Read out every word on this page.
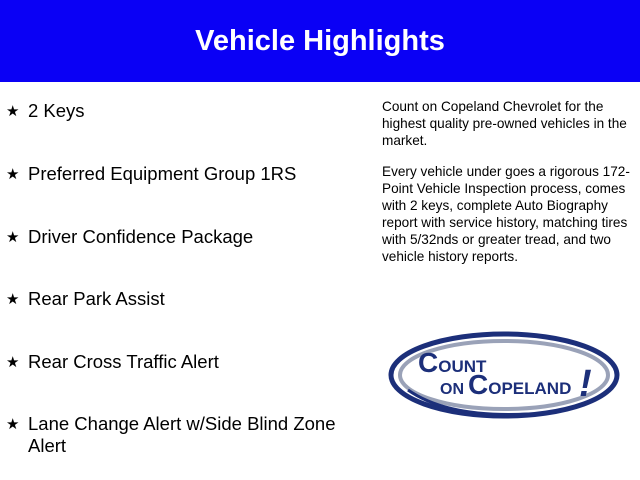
Vehicle Highlights
★ 2 Keys
★ Preferred Equipment Group 1RS
★ Driver Confidence Package
★ Rear Park Assist
★ Rear Cross Traffic Alert
★ Lane Change Alert w/Side Blind Zone Alert

Count on Copeland Chevrolet for the highest quality pre-owned vehicles in the market.

Every vehicle under goes a rigorous 172-Point Vehicle Inspection process, comes with 2 keys, complete Auto Biography report with service history, matching tires with 5/32nds or greater tread, and two vehicle history reports.

COUNT
ON COPELAND !
